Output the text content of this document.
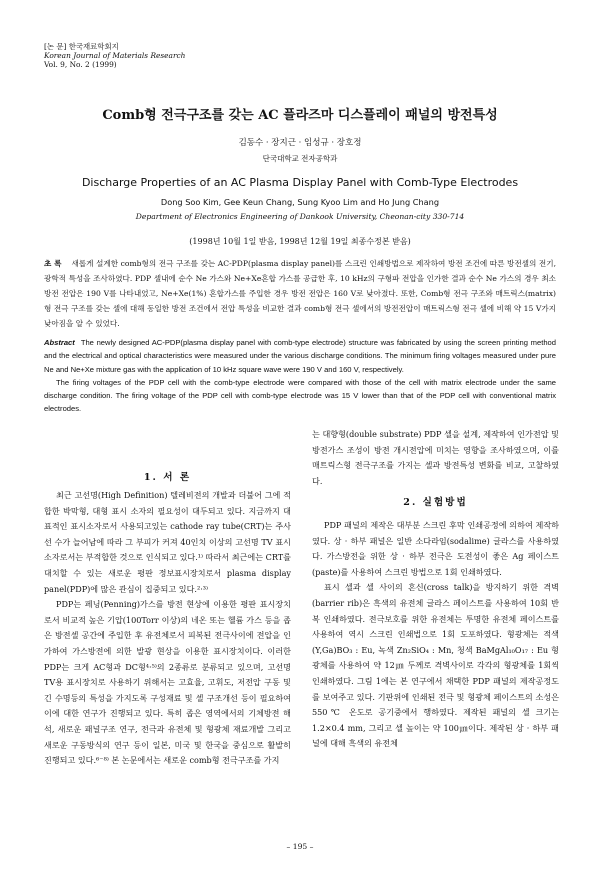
[논 문] 한국재료학회지
Korean Journal of Materials Research
Vol. 9, No. 2 (1999)
Comb형 전극구조를 갖는 AC 플라즈마 디스플레이 패널의 방전특성
김동수 · 장지근 · 임성규 · 장호정
단국대학교 전자공학과
Discharge Properties of an AC Plasma Display Panel with Comb-Type Electrodes
Dong Soo Kim, Gee Keun Chang, Sung Kyoo Lim and Ho Jung Chang
Department of Electronics Engineering of Dankook University, Cheonan-city 330-714
(1998년 10월 1일 받음, 1998년 12월 19일 최종수정본 받음)
초 록 새롭게 설계한 comb형의 전극 구조를 갖는 AC-PDP(plasma display panel)를 스크린 인쇄방법으로 제작하여 방전 조건에 따른 방전셀의 전기, 광학적 특성을 조사하였다. PDP 셀내에 순수 Ne 가스와 Ne+Xe혼합 가스를 공급한 후, 10 kHz의 구형파 전압을 인가한 결과 순수 Ne 가스의 경우 최소 방전 전압은 190 V를 나타내었고, Ne+Xe(1%) 혼합가스를 주입한 경우 방전 전압은 160 V로 낮아졌다. 또한, Comb형 전극 구조와 매트릭스(matrix)형 전극 구조를 갖는 셀에 대해 동일한 방전 조건에서 전압 특성을 비교한 결과 comb형 전극 셀에서의 방전전압이 매트릭스형 전극 셀에 비해 약 15 V가지 낮아짐을 알 수 있었다.

Abstract The newly designed AC-PDP(plasma display panel with comb-type electrode) structure was fabricated by using the screen printing method and the electrical and optical characteristics were measured under the various discharge conditions. The minimum firing voltages measured under pure Ne and Ne+Xe mixture gas with the application of 10 kHz square wave were 190 V and 160 V, respectively.

The firing voltages of the PDP cell with the comb-type electrode were compared with those of the cell with matrix electrode under the same discharge condition. The firing voltage of the PDP cell with comb-type electrode was 15 V lower than that of the PDP cell with conventional matrix electrodes.

1. 서 론

최근 고선명(High Definition) 텔레비전의 개발과 더불어 그에 적합한 박막형, 대형 표시 소자의 필요성이 대두되고 있다. 지금까지 대표적인 표시소자로서 사용되고있는 cathode ray tube(CRT)는 주사선 수가 늘어남에 따라 그 부피가 커져 40인치 이상의 고선명 TV 표시 소자로서는 부적합한 것으로 인식되고 있다.¹⁾ 따라서 최근에는 CRT를 대치할 수 있는 새로운 평판 정보표시장치로서 plasma display panel(PDP)에 많은 관심이 집중되고 있다.²·³⁾

PDP는 페닝(Penning)가스를 방전 현상에 이용한 평판 표시장치로서 비교적 높은 기압(100Torr 이상)의 네온 또는 헬륨 가스 등을 좁은 방전셀 공간에 주입한 후 유전체로서 피복된 전극사이에 전압을 인가하여 가스방전에 의한 발광 현상을 이용한 표시장치이다. 이러한 PDP는 크게 AC형과 DC형⁴·⁵⁾의 2종류로 분류되고 있으며, 고선명 TV용 표시장치로 사용하기 위해서는 고효율, 고휘도, 저전압 구동 및 긴 수명등의 특성을 가지도록 구성재료 및 셀 구조개선 등이 필요하여 이에 대한 연구가 진행되고 있다. 특히 좁은 영역에서의 기체방전 해석, 새로운 패널구조 연구, 전극과 유전체 및 형광체 재료개발 그리고 새로운 구동방식의 연구 등이 일본, 미국 및 한국을 중심으로 활발히 진행되고 있다.⁶⁻⁸⁾ 본 논문에서는 새로운 comb형 전극구조를 가지

는 대향형(double substrate) PDP 셀을 설계, 제작하여 인가전압 및 방전가스 조성이 방전 개시전압에 미치는 영향을 조사하였으며, 이를 매트릭스형 전극구조를 가지는 셀과 방전특성 변화를 비교, 고찰하였다.

2. 실험방법

PDP 패널의 제작은 대부분 스크린 후막 인쇄공정에 의하여 제작하였다. 상 · 하부 패널은 일반 소다라임(sodalime) 글라스를 사용하였다. 가스방전을 위한 상 · 하부 전극은 도전성이 좋은 Ag 페이스트(paste)를 사용하여 스크린 방법으로 1회 인쇄하였다.

표시 셀과 셀 사이의 혼신(cross talk)을 방지하기 위한 격벽(barrier rib)은 흑색의 유전체 글라스 페이스트를 사용하여 10회 반복 인쇄하였다. 전극보호를 위한 유전체는 투명한 유전체 페이스트를 사용하여 역시 스크린 인쇄법으로 1회 도포하였다. 형광체는 적색 (Y,Ga)BO₃ : Eu, 녹색 Zn₂SiO₄ : Mn, 청색 BaMgAl₁₀O₁₇ : Eu 형광체를 사용하여 약 12㎛ 두께로 격벽사이로 각각의 형광체를 1회씩 인쇄하였다. 그림 1에는 본 연구에서 채택한 PDP 패널의 제작공정도를 보여주고 있다. 기판위에 인쇄된 전극 및 형광체 페이스트의 소성은 550℃ 온도로 공기중에서 행하였다. 제작된 패널의 셀 크기는 1.2×0.4 mm, 그리고 셀 높이는 약 100㎛이다. 제작된 상 · 하부 패널에 대해 흑색의 유전체

– 195 –
